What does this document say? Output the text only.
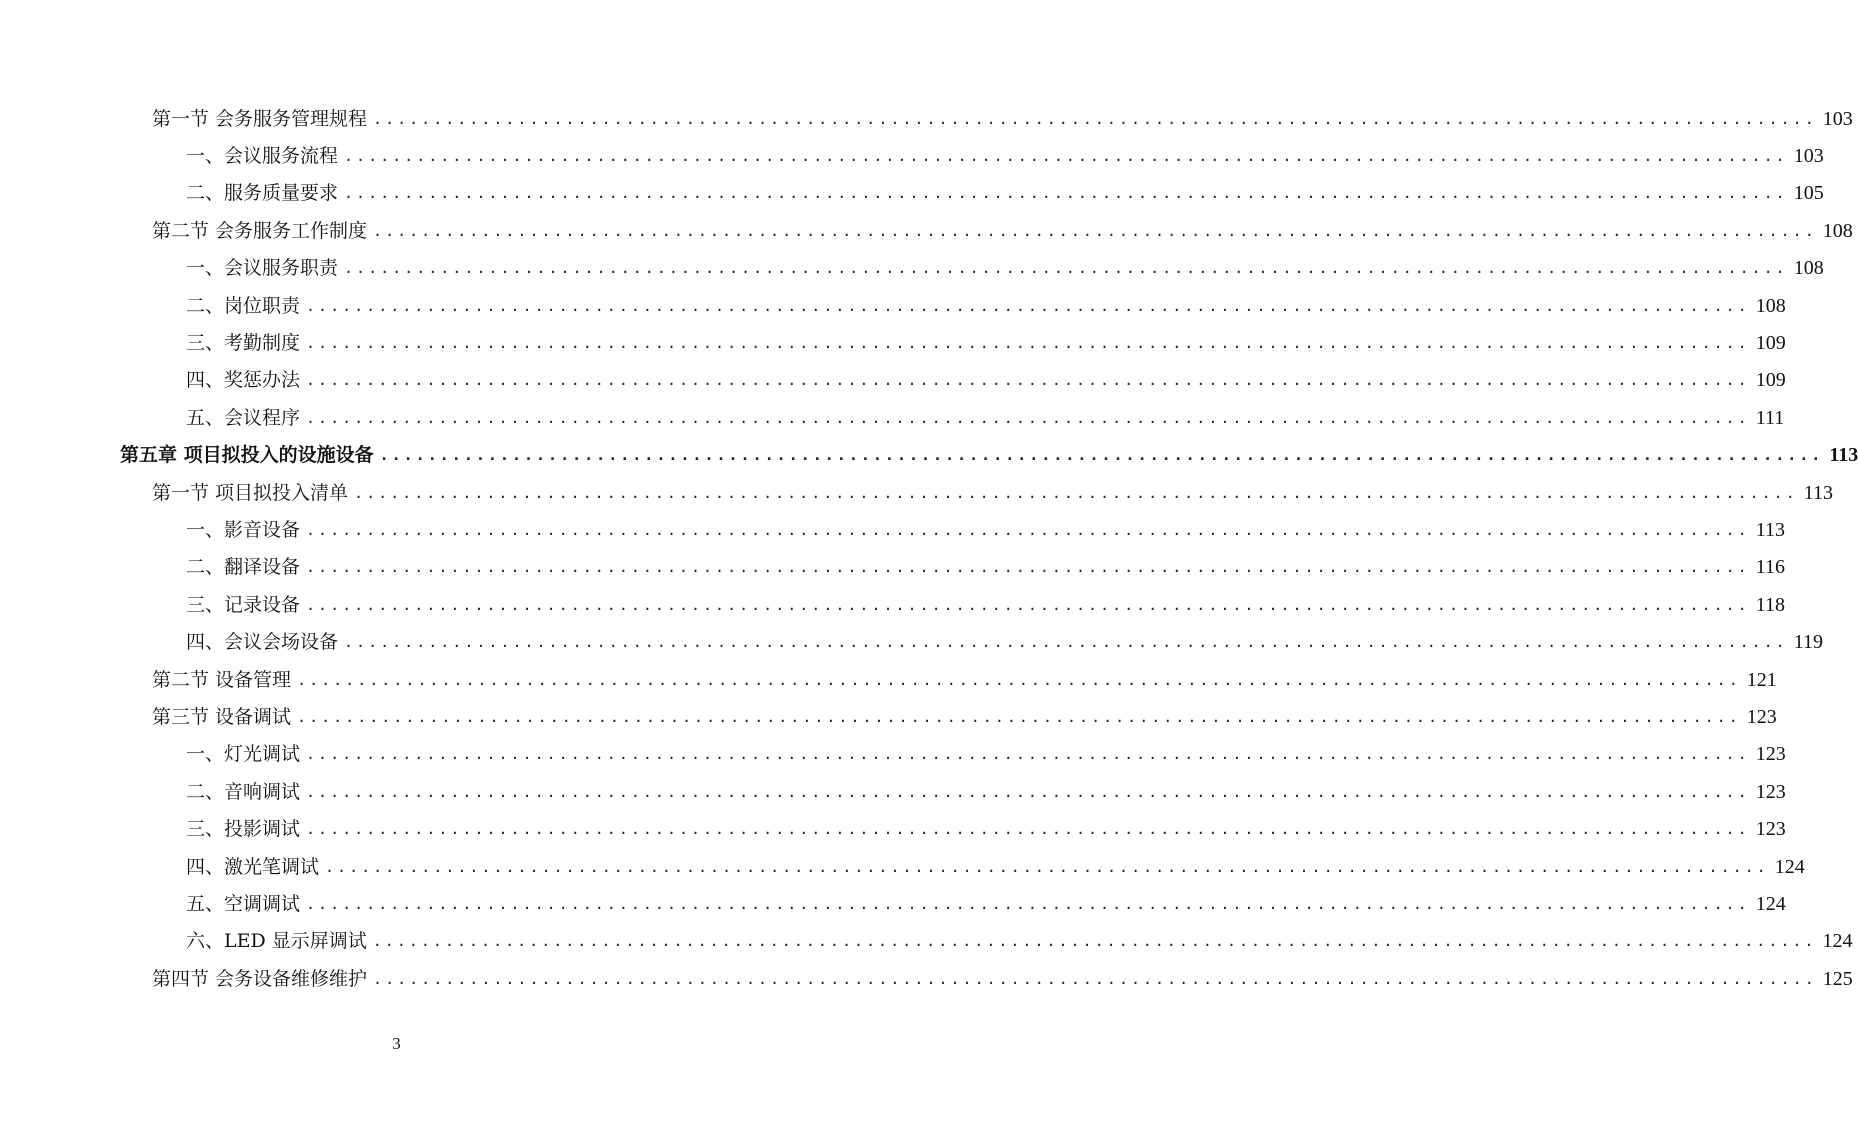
第一节 会务服务管理规程 ........................................................................................................................ 103
一、会议服务流程 ........................................................................................................................ 103
二、服务质量要求 ........................................................................................................................ 105
第二节 会务服务工作制度 ........................................................................................................................ 108
一、会议服务职责 ........................................................................................................................ 108
二、岗位职责 ........................................................................................................................ 108
三、考勤制度 ........................................................................................................................ 109
四、奖惩办法 ........................................................................................................................ 109
五、会议程序 ........................................................................................................................ 111
第五章 项目拟投入的设施设备 ........................................................................................................................ 113
第一节 项目拟投入清单 ........................................................................................................................ 113
一、影音设备 ........................................................................................................................ 113
二、翻译设备 ........................................................................................................................ 116
三、记录设备 ........................................................................................................................ 118
四、会议会场设备 ........................................................................................................................ 119
第二节 设备管理 ........................................................................................................................ 121
第三节 设备调试 ........................................................................................................................ 123
一、灯光调试 ........................................................................................................................ 123
二、音响调试 ........................................................................................................................ 123
三、投影调试 ........................................................................................................................ 123
四、激光笔调试 ........................................................................................................................ 124
五、空调调试 ........................................................................................................................ 124
六、LED 显示屏调试 ........................................................................................................................ 124
第四节 会务设备维修维护 ........................................................................................................................ 125
3
